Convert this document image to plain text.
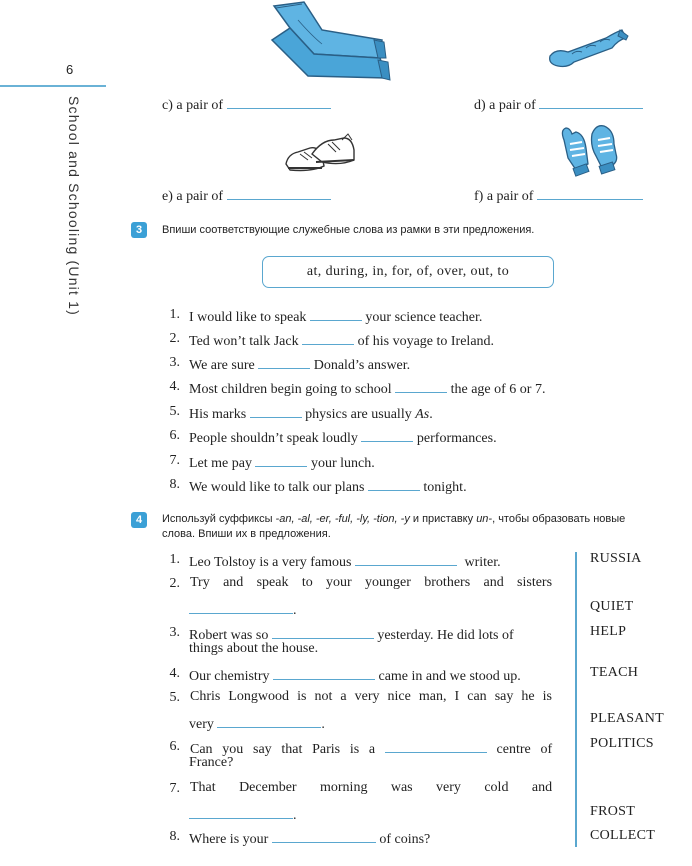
6
School and Schooling (Unit 1)	c) a pair of	d) a pair of
e) a pair of	f) a pair of
3	Впиши соответствующие служебные слова из рамки в эти предложения.
at, during, in, for, of, over, out, to
1. I would like to speak	your science teacher.
2. Ted won’t talk Jack	of his voyage to Ireland.
3. We are sure	Donald’s answer.
4. Most children begin going to school	the age of 6 or 7.
5. His marks	physics are usually As.
6. People shouldn’t speak loudly	performances.
7. Let me pay	your lunch.
8. We would like to talk our plans	tonight.
4	Используй суффиксы -an, -al, -er, -ful, -ly, -tion, -y и приставку un-, чтобы образовать новые
слова. Впиши их в предложения.
1. Leo Tolstoy is a very famous	writer.	RUSSIA
2. Try and speak to your younger brothers and sisters
.	QUIET
3. Robert was so	yesterday. He did lots of
things about the house.
HELP
4. Our chemistry	came in and we stood up.	TEACH
5. Chris Longwood is not a very nice man, I can say he is
very	.	PLEASANT
6. Can you say that Paris is a	centre of
France?
POLITICS
7. That December morning was very cold and
.	FROST
8. Where is your	of coins?	COLLECT
